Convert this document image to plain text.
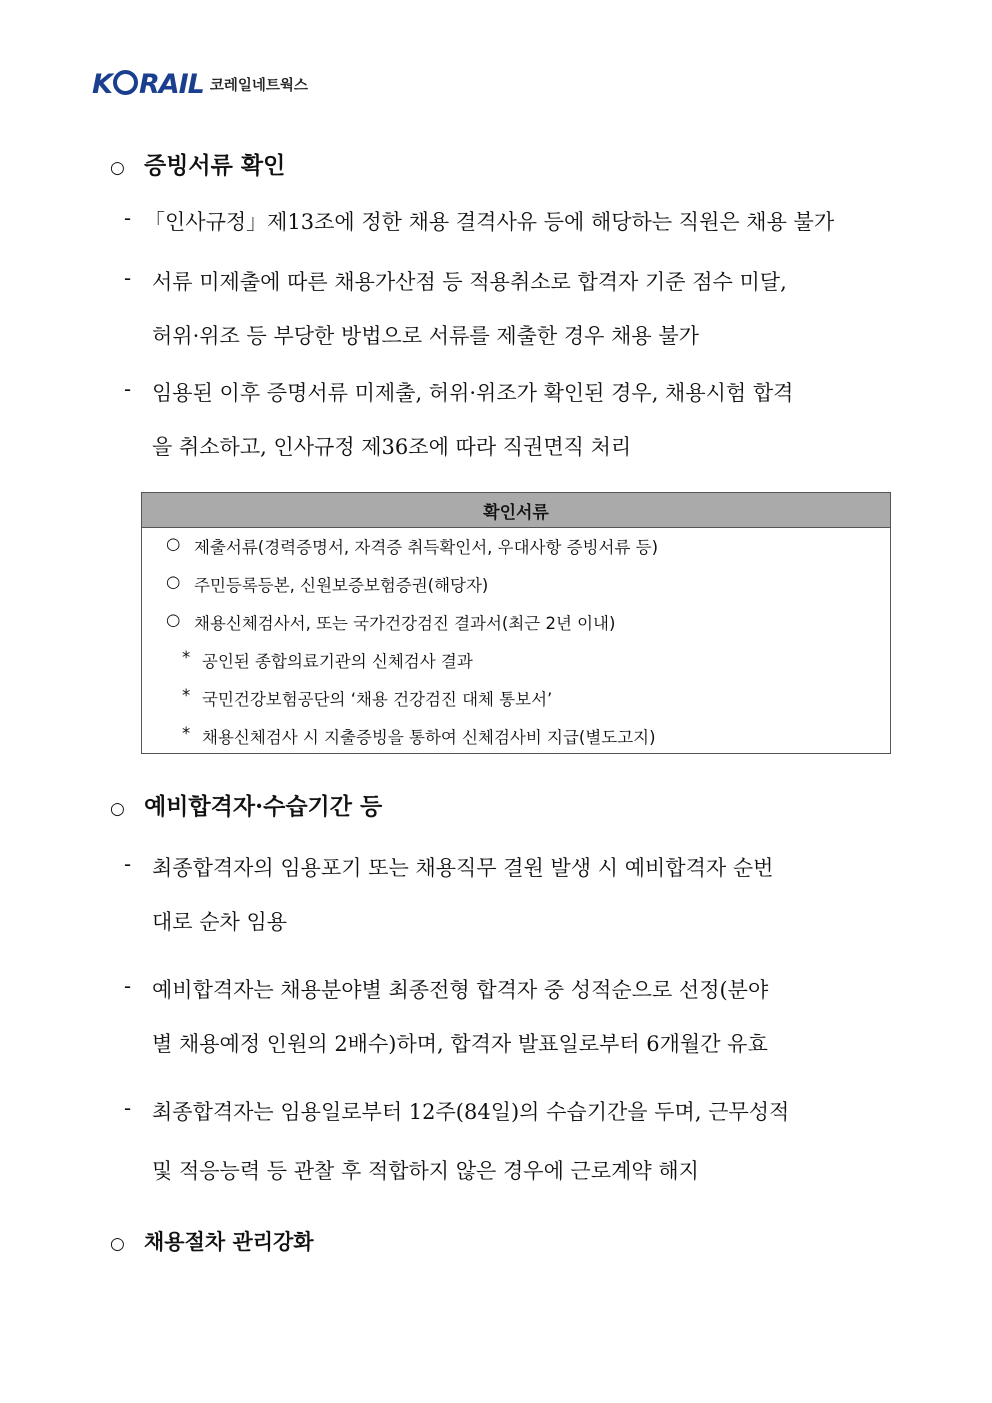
K RAIL 코레일네트웍스
○ 증빙서류 확인
- 「인사규정」제13조에 정한 채용 결격사유 등에 해당하는 직원은 채용 불가
- 서류 미제출에 따른 채용가산점 등 적용취소로 합격자 기준 점수 미달,
허위·위조 등 부당한 방법으로 서류를 제출한 경우 채용 불가
- 임용된 이후 증명서류 미제출, 허위·위조가 확인된 경우, 채용시험 합격
을 취소하고, 인사규정 제36조에 따라 직권면직 처리
확인서류
○ 제출서류(경력증명서, 자격증 취득확인서, 우대사항 증빙서류 등)
○ 주민등록등본, 신원보증보험증권(해당자)
○ 채용신체검사서, 또는 국가건강검진 결과서(최근 2년 이내)
* 공인된 종합의료기관의 신체검사 결과
* 국민건강보험공단의 ‘채용 건강검진 대체 통보서’
* 채용신체검사 시 지출증빙을 통하여 신체검사비 지급(별도고지)
○ 예비합격자·수습기간 등
- 최종합격자의 임용포기 또는 채용직무 결원 발생 시 예비합격자 순번
대로 순차 임용
- 예비합격자는 채용분야별 최종전형 합격자 중 성적순으로 선정(분야
별 채용예정 인원의 2배수)하며, 합격자 발표일로부터 6개월간 유효
- 최종합격자는 임용일로부터 12주(84일)의 수습기간을 두며, 근무성적
및 적응능력 등 관찰 후 적합하지 않은 경우에 근로계약 해지
○ 채용절차 관리강화
